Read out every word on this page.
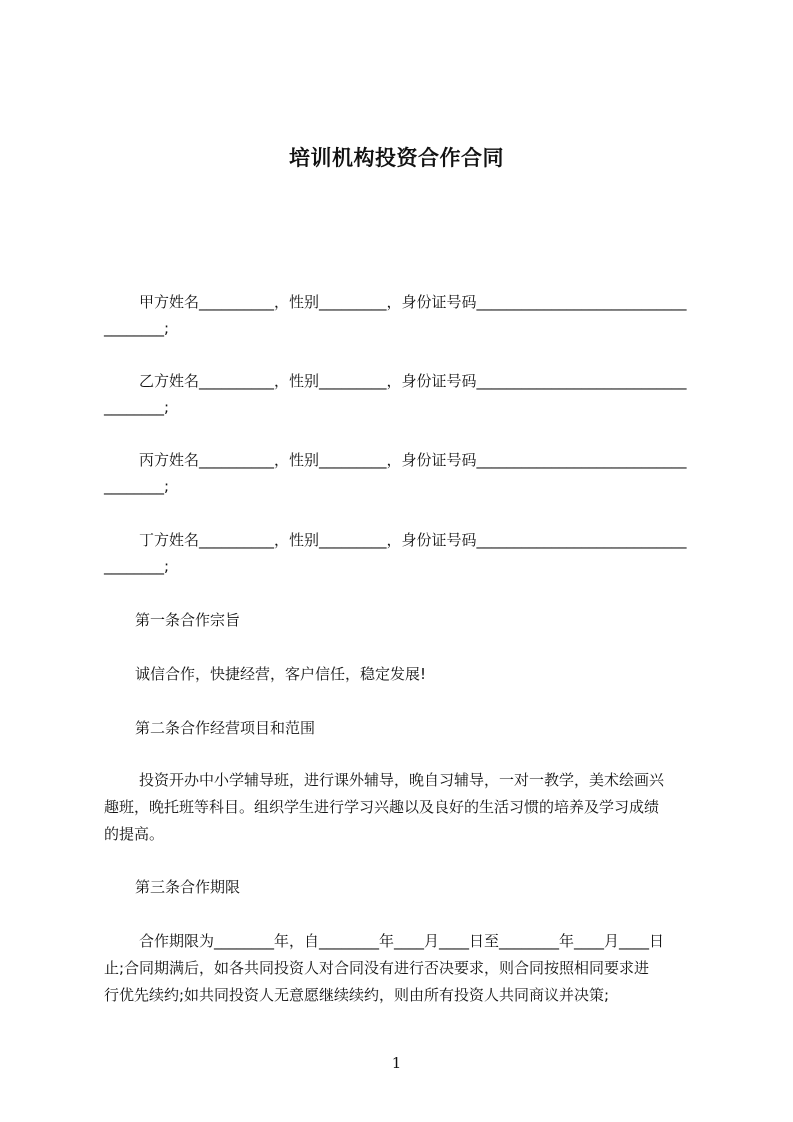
培训机构投资合作合同
甲方姓名__________，性别_________，身份证号码____________________________
________;
乙方姓名__________，性别_________，身份证号码____________________________
________;
丙方姓名__________，性别_________，身份证号码____________________________
________;
丁方姓名__________，性别_________，身份证号码____________________________
________;
第一条合作宗旨
诚信合作，快捷经营，客户信任，稳定发展!
第二条合作经营项目和范围
投资开办中小学辅导班，进行课外辅导，晚自习辅导，一对一教学，美术绘画兴
趣班，晚托班等科目。组织学生进行学习兴趣以及良好的生活习惯的培养及学习成绩
的提高。
第三条合作期限
合作期限为________年，自________年____月____日至________年____月____日
止;合同期满后，如各共同投资人对合同没有进行否决要求，则合同按照相同要求进
行优先续约;如共同投资人无意愿继续续约，则由所有投资人共同商议并决策;
1
